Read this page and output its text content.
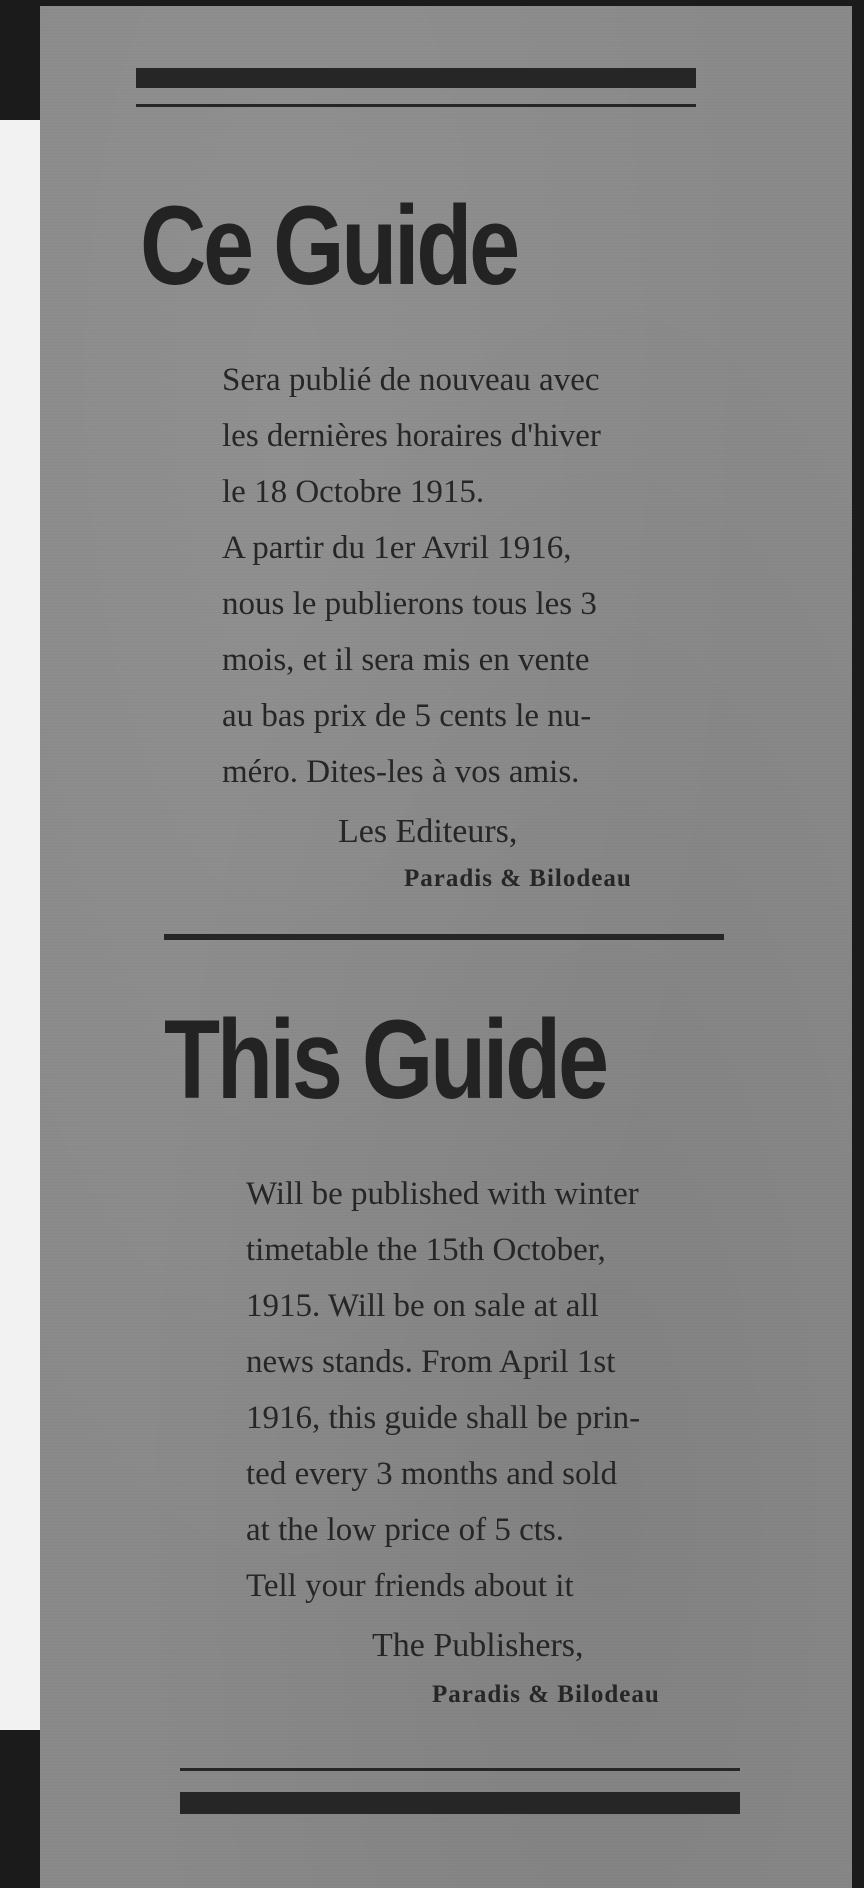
Ce Guide
Sera publié de nouveau avec
les dernières horaires d'hiver
le 18 Octobre 1915.
A partir du 1er Avril 1916,
nous le publierons tous les 3
mois, et il sera mis en vente
au bas prix de 5 cents le nu-
méro. Dites-les à vos amis.

Les Editeurs,

Paradis & Bilodeau

This Guide
Will be published with winter
timetable the 15th October,
1915. Will be on sale at all
news stands. From April 1st
1916, this guide shall be prin-
ted every 3 months and sold
at the low price of 5 cts.
Tell your friends about it

The Publishers,

Paradis & Bilodeau
